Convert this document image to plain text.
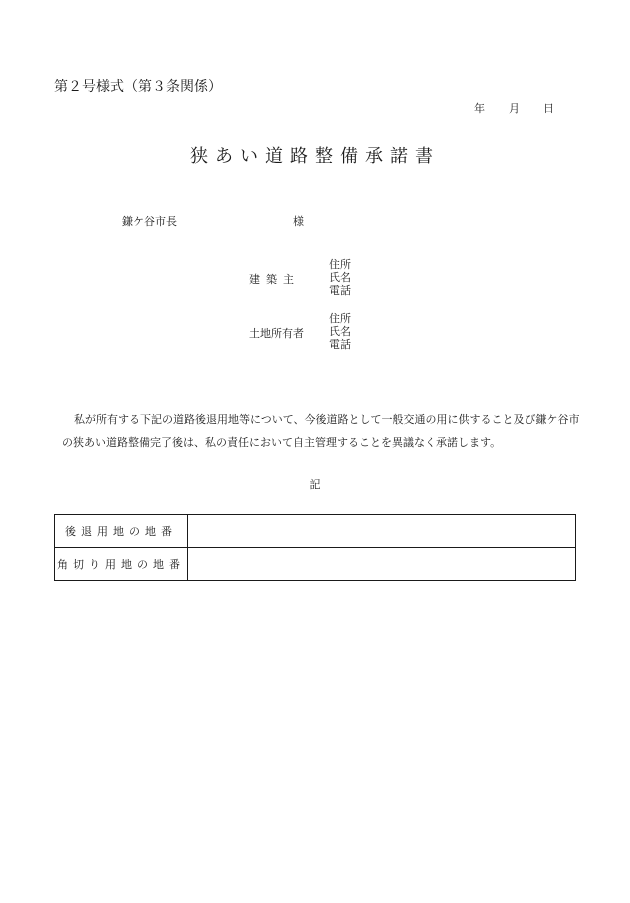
第２号様式（第３条関係）
年 月 日
狭あい道路整備承諾書
鎌ケ谷市長	様
建築主
住所
氏名
電話
土地所有者
住所
氏名
電話
私が所有する下記の道路後退用地等について、今後道路として一般交通の用に供すること及び鎌ケ谷市の狭あい道路整備完了後は、私の責任において自主管理することを異議なく承諾します。
記
後退用地の地番	
角切り用地の地番	
